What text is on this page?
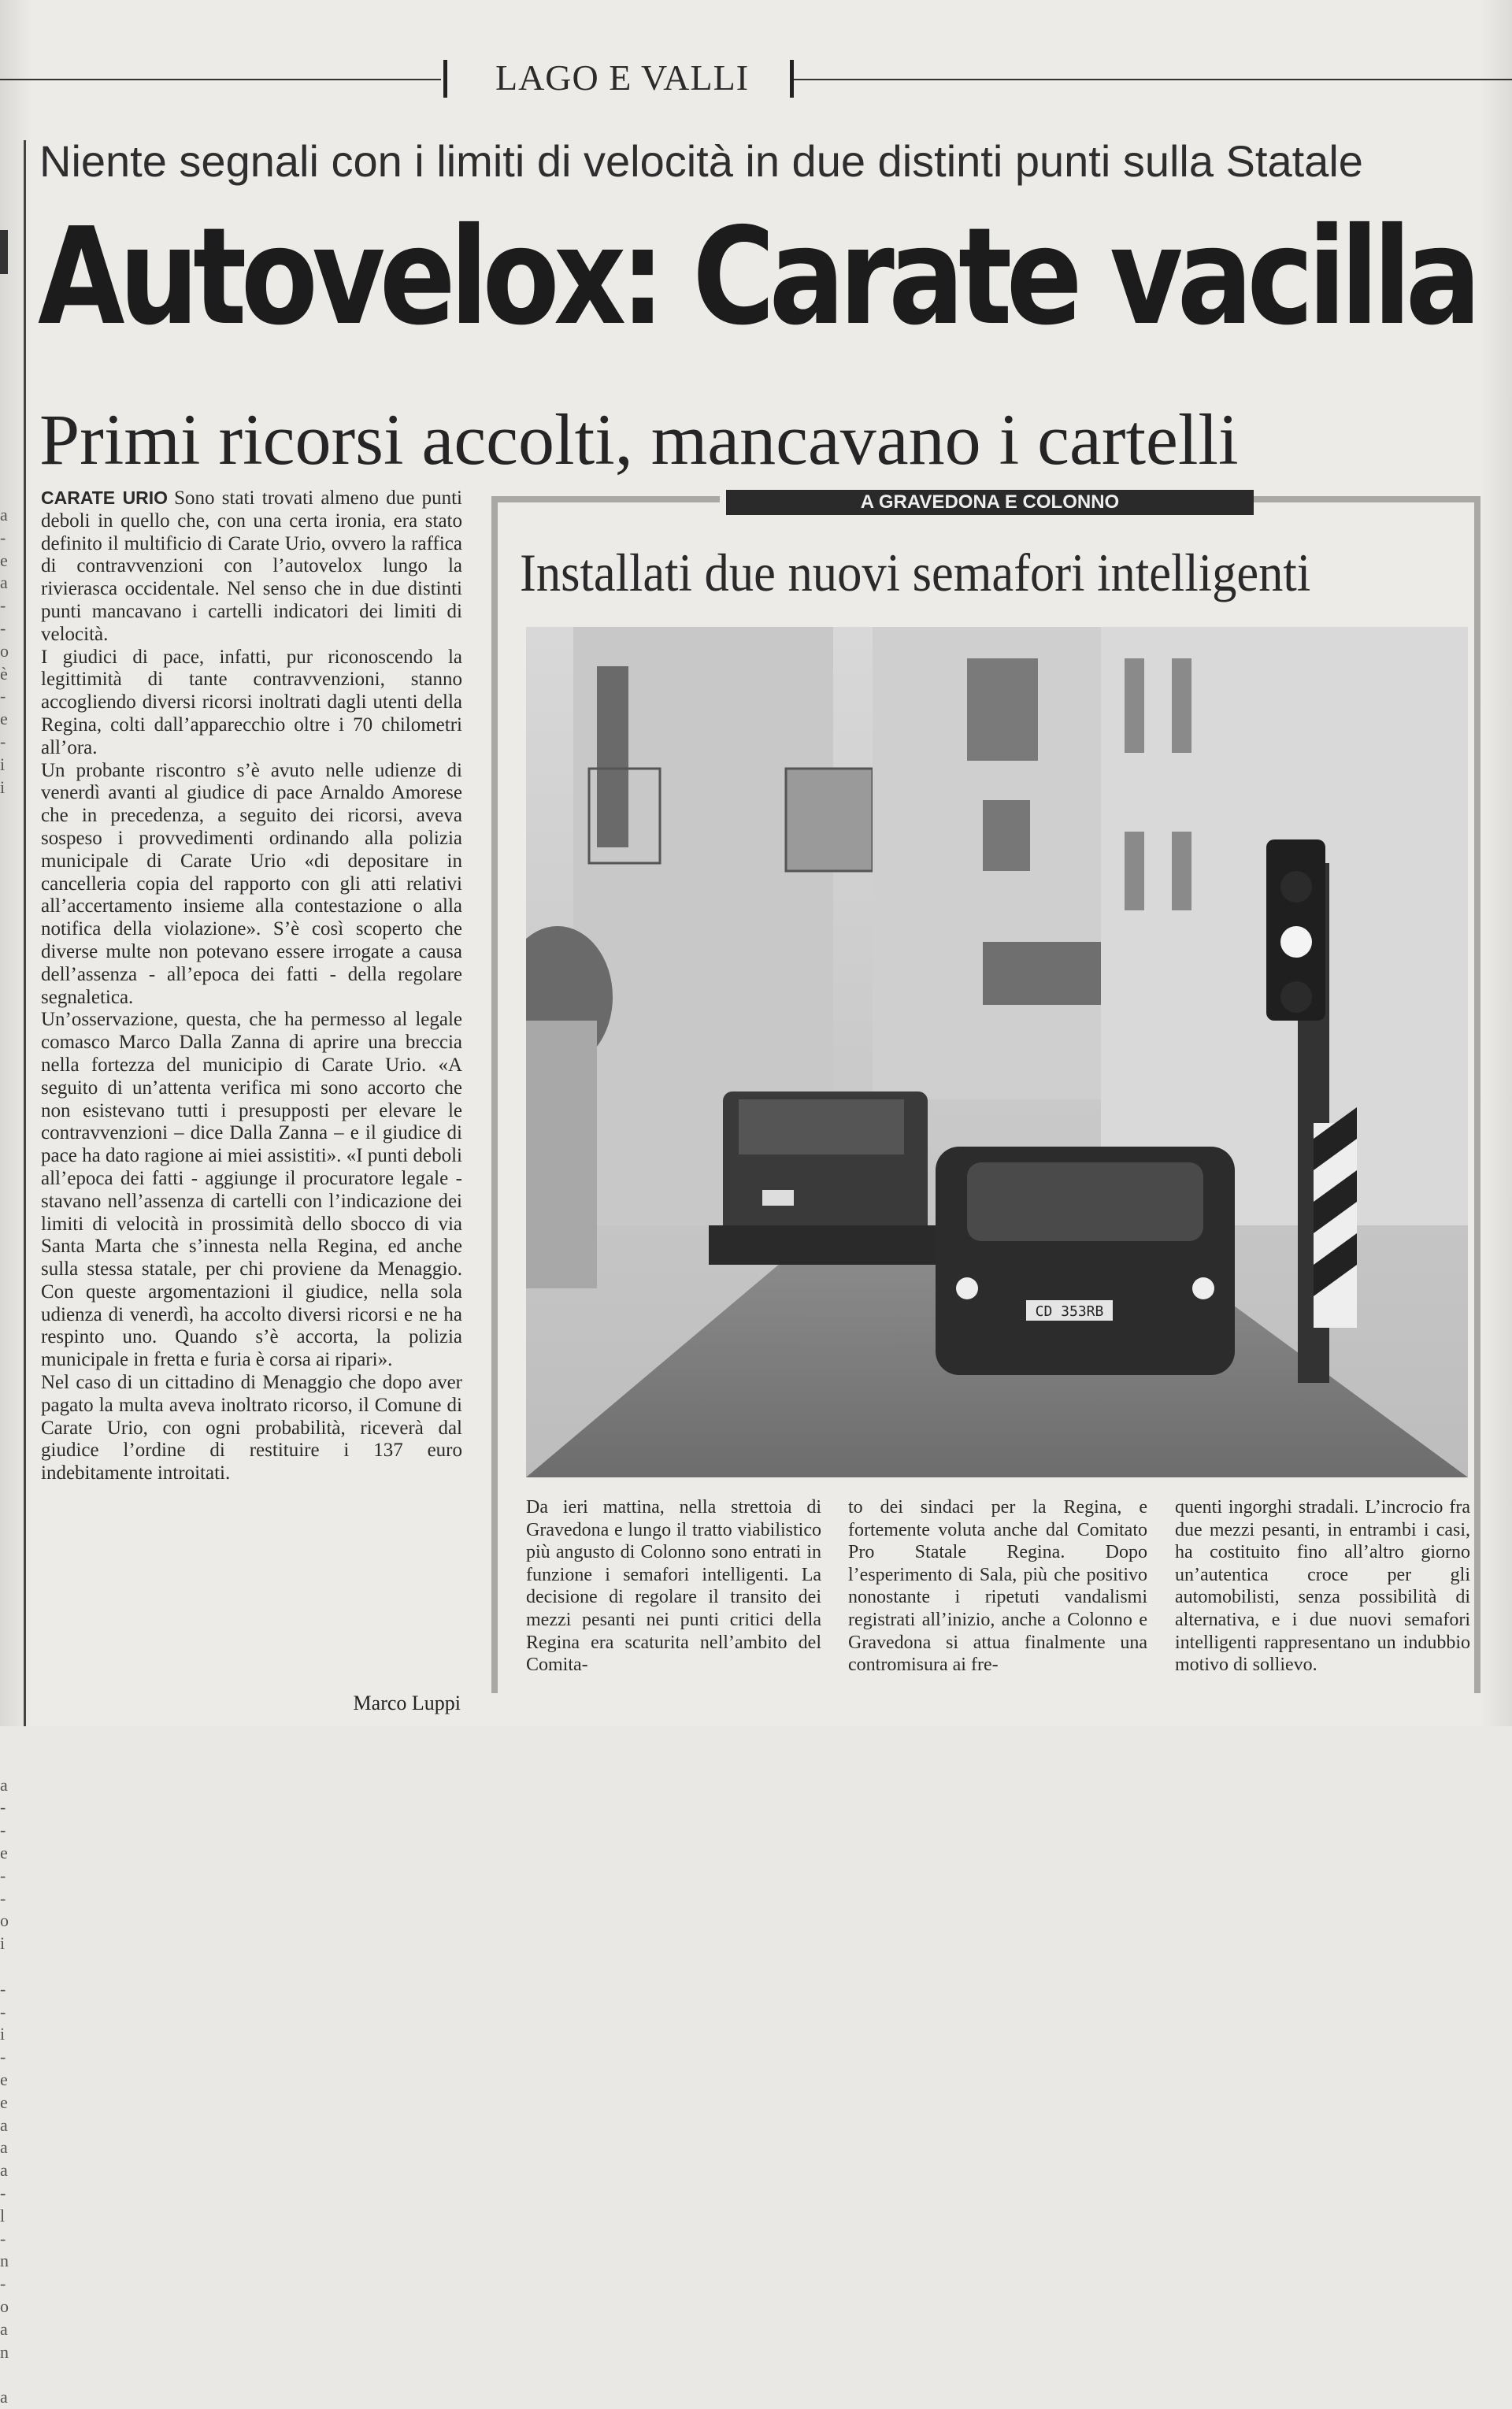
LAGO E VALLI
Niente segnali con i limiti di velocità in due distinti punti sulla Statale
Autovelox: Carate vacilla
Primi ricorsi accolti, mancavano i cartelli
a
-
e
a
-
-
o
è
-
e
-
i
i
a
-
-
e
-
-
o
i
-
-
i
-
e
e
a
a
a
-
l
-
n
-
o
a
n
a

CARATE URIO Sono stati trovati almeno due punti deboli in quello che, con una certa ironia, era stato definito il multificio di Carate Urio, ovvero la raffica di contravvenzioni con l’autovelox lungo la rivierasca occidentale. Nel senso che in due distinti punti mancavano i cartelli indicatori dei limiti di velocità.

I giudici di pace, infatti, pur riconoscendo la legittimità di tante contravvenzioni, stanno accogliendo diversi ricorsi inoltrati dagli utenti della Regina, colti dall’apparecchio oltre i 70 chilometri all’ora.

Un probante riscontro s’è avuto nelle udienze di venerdì avanti al giudice di pace Arnaldo Amorese che in precedenza, a seguito dei ricorsi, aveva sospeso i provvedimenti ordinando alla polizia municipale di Carate Urio «di depositare in cancelleria copia del rapporto con gli atti relativi all’accertamento insieme alla contestazione o alla notifica della violazione». S’è così scoperto che diverse multe non potevano essere irrogate a causa dell’assenza - all’epoca dei fatti - della regolare segnaletica.

Un’osservazione, questa, che ha permesso al legale comasco Marco Dalla Zanna di aprire una breccia nella fortezza del municipio di Carate Urio. «A seguito di un’attenta verifica mi sono accorto che non esistevano tutti i presupposti per elevare le contravvenzioni – dice Dalla Zanna – e il giudice di pace ha dato ragione ai miei assistiti». «I punti deboli all’epoca dei fatti - aggiunge il procuratore legale - stavano nell’assenza di cartelli con l’indicazione dei limiti di velocità in prossimità dello sbocco di via Santa Marta che s’innesta nella Regina, ed anche sulla stessa statale, per chi proviene da Menaggio. Con queste argomentazioni il giudice, nella sola udienza di venerdì, ha accolto diversi ricorsi e ne ha respinto uno. Quando s’è accorta, la polizia municipale in fretta e furia è corsa ai ripari».

Nel caso di un cittadino di Menaggio che dopo aver pagato la multa aveva inoltrato ricorso, il Comune di Carate Urio, con ogni probabilità, riceverà dal giudice l’ordine di restituire i 137 euro indebitamente introitati.

Marco Luppi
A GRAVEDONA E COLONNO
Installati due nuovi semafori intelligenti
CD 353RB
Da ieri mattina, nella strettoia di Gravedona e lungo il tratto viabilistico più angusto di Colonno sono entrati in funzione i semafori intelligenti. La decisione di regolare il transito dei mezzi pesanti nei punti critici della Regina era scaturita nell’ambito del Comita-
to dei sindaci per la Regina, e fortemente voluta anche dal Comitato Pro Statale Regina. Dopo l’esperimento di Sala, più che positivo nonostante i ripetuti vandalismi registrati all’inizio, anche a Colonno e Gravedona si attua finalmente una contromisura ai fre-
quenti ingorghi stradali. L’incrocio fra due mezzi pesanti, in entrambi i casi, ha costituito fino all’altro giorno un’autentica croce per gli automobilisti, senza possibilità di alternativa, e i due nuovi semafori intelligenti rappresentano un indubbio motivo di sollievo.
